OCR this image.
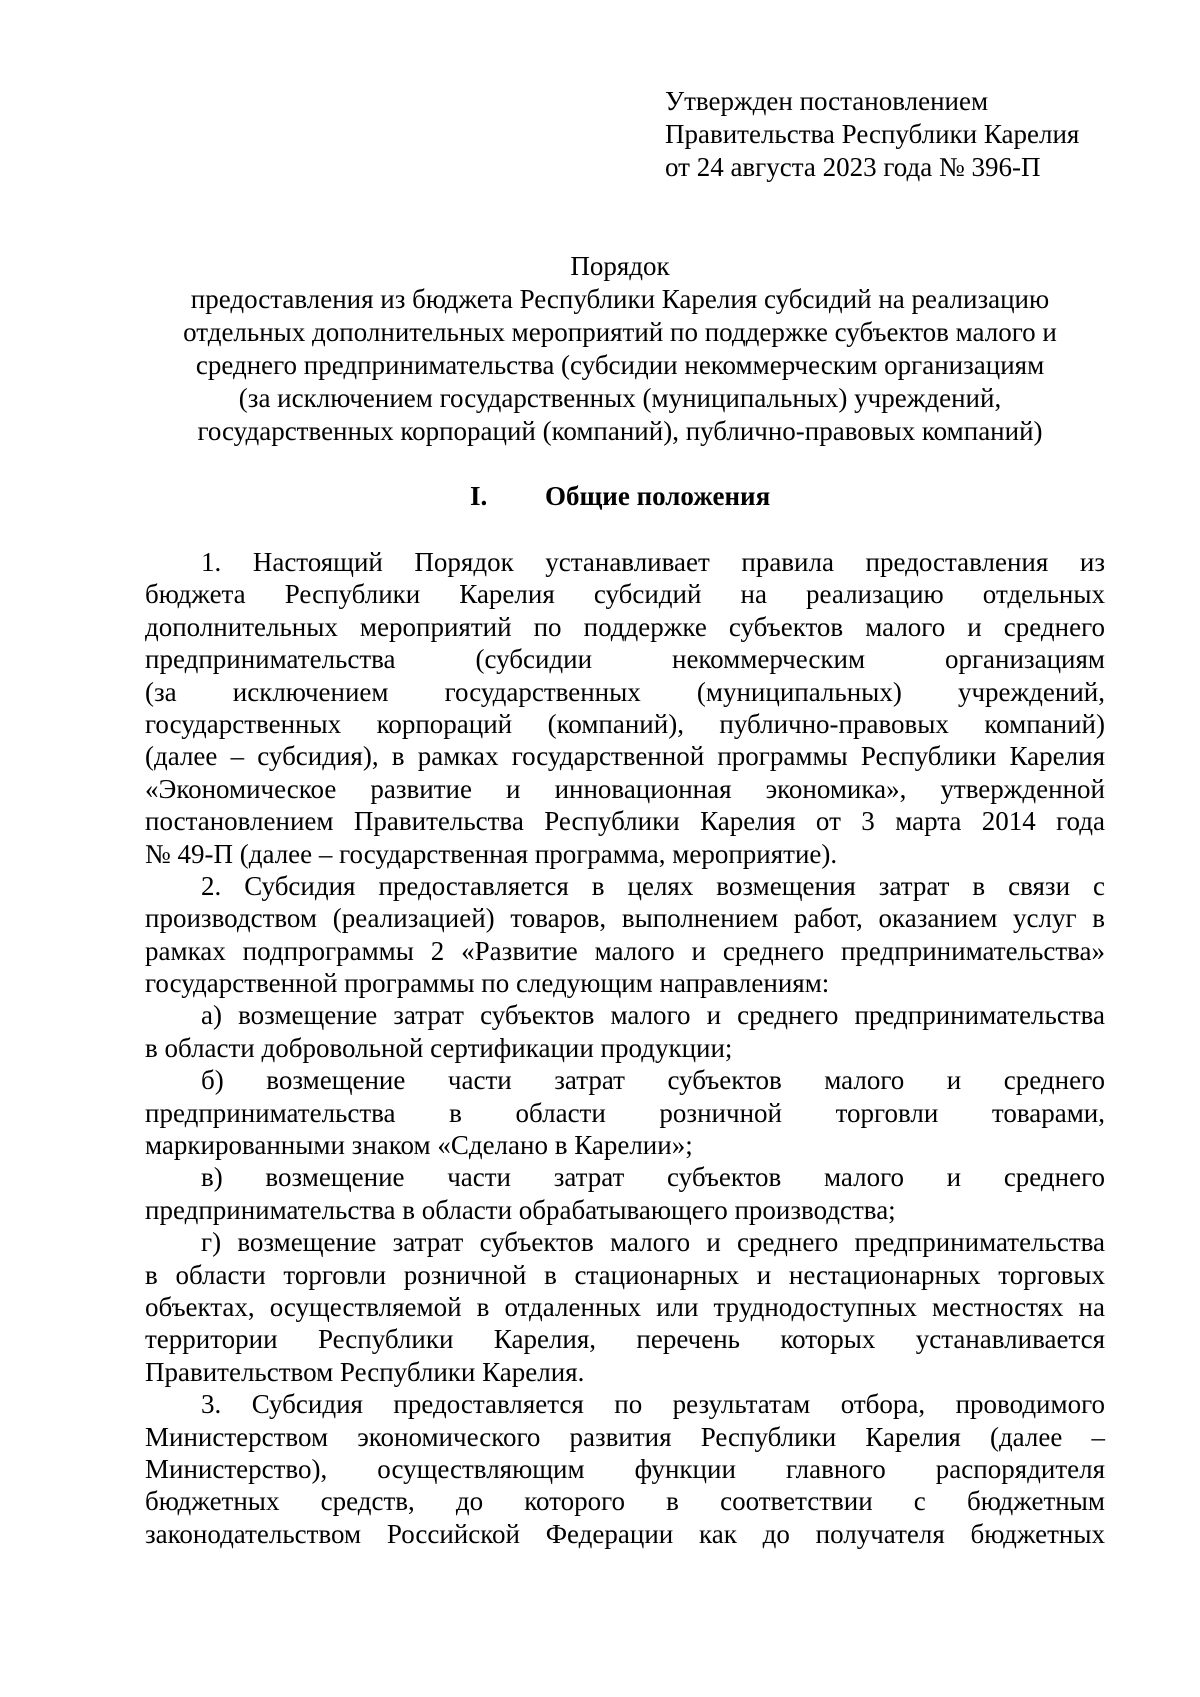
Утвержден постановлением
Правительства Республики Карелия
от 24 августа 2023 года № 396-П
Порядок
предоставления из бюджета Республики Карелия субсидий на реализацию
отдельных дополнительных мероприятий по поддержке субъектов малого и
среднего предпринимательства (субсидии некоммерческим организациям
(за исключением государственных (муниципальных) учреждений,
государственных корпораций (компаний), публично-правовых компаний)
I. Общие положения
1. Настоящий Порядок устанавливает правила предоставления из
бюджета Республики Карелия субсидий на реализацию отдельных
дополнительных мероприятий по поддержке субъектов малого и среднего
предпринимательства (субсидии некоммерческим организациям
(за исключением государственных (муниципальных) учреждений,
государственных корпораций (компаний), публично-правовых компаний)
(далее – субсидия), в рамках государственной программы Республики Карелия
«Экономическое развитие и инновационная экономика», утвержденной
постановлением Правительства Республики Карелия от 3 марта 2014 года
№ 49-П (далее – государственная программа, мероприятие).
2. Субсидия предоставляется в целях возмещения затрат в связи с
производством (реализацией) товаров, выполнением работ, оказанием услуг в
рамках подпрограммы 2 «Развитие малого и среднего предпринимательства»
государственной программы по следующим направлениям:
а) возмещение затрат субъектов малого и среднего предпринимательства
в области добровольной сертификации продукции;
б) возмещение части затрат субъектов малого и среднего
предпринимательства в области розничной торговли товарами,
маркированными знаком «Сделано в Карелии»;
в) возмещение части затрат субъектов малого и среднего
предпринимательства в области обрабатывающего производства;
г) возмещение затрат субъектов малого и среднего предпринимательства
в области торговли розничной в стационарных и нестационарных торговых
объектах, осуществляемой в отдаленных или труднодоступных местностях на
территории Республики Карелия, перечень которых устанавливается
Правительством Республики Карелия.
3. Субсидия предоставляется по результатам отбора, проводимого
Министерством экономического развития Республики Карелия (далее –
Министерство), осуществляющим функции главного распорядителя
бюджетных средств, до которого в соответствии с бюджетным
законодательством Российской Федерации как до получателя бюджетных
